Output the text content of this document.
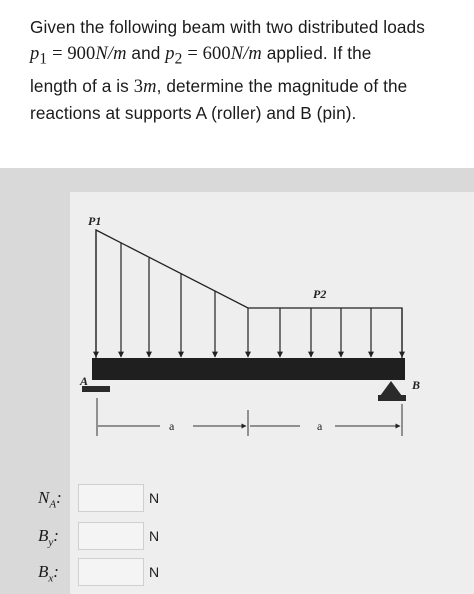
Given the following beam with two distributed loads
$p_1 = 900N/m$ and $p_2 = 600N/m$ applied. If the
length of a is 3m, determine the magnitude of the
reactions at supports A (roller) and B (pin).
P1
P2
A	B
a	a
$N_A$:	N
$B_y$:	N
$B_x$:	N
